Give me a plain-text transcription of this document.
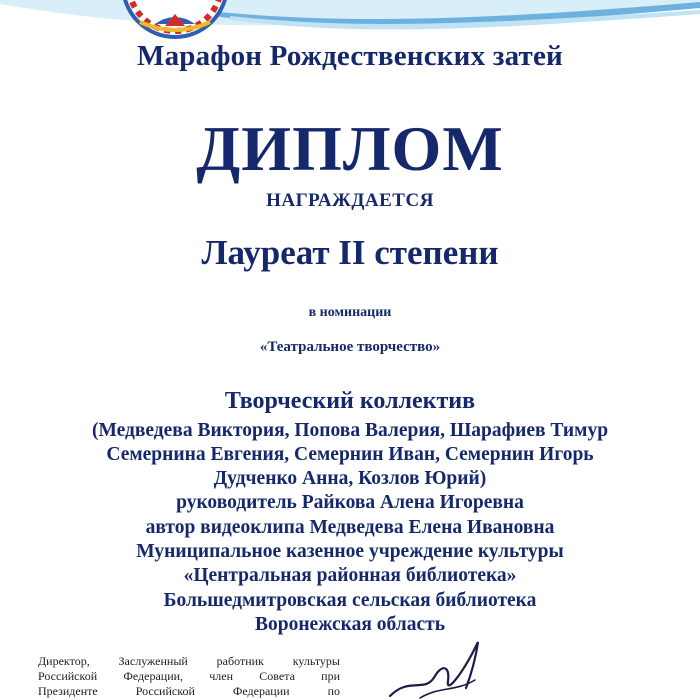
Марафон Рождественских затей
ДИПЛОМ
НАГРАЖДАЕТСЯ
Лауреат II степени
в номинации
«Театральное творчество»
Творческий коллектив
(Медведева Виктория, Попова Валерия, Шарафиев Тимур
Семернина Евгения, Семернин Иван, Семернин Игорь
Дудченко Анна, Козлов Юрий)
руководитель Райкова Алена Игоревна
автор видеоклипа Медведева Елена Ивановна
Муниципальное казенное учреждение культуры
«Центральная районная библиотека»
Большедмитровская сельская библиотека
Воронежская область
Директор, Заслуженный работник культуры
Российской Федерации, член Совета при
Президенте Российской Федерации по
